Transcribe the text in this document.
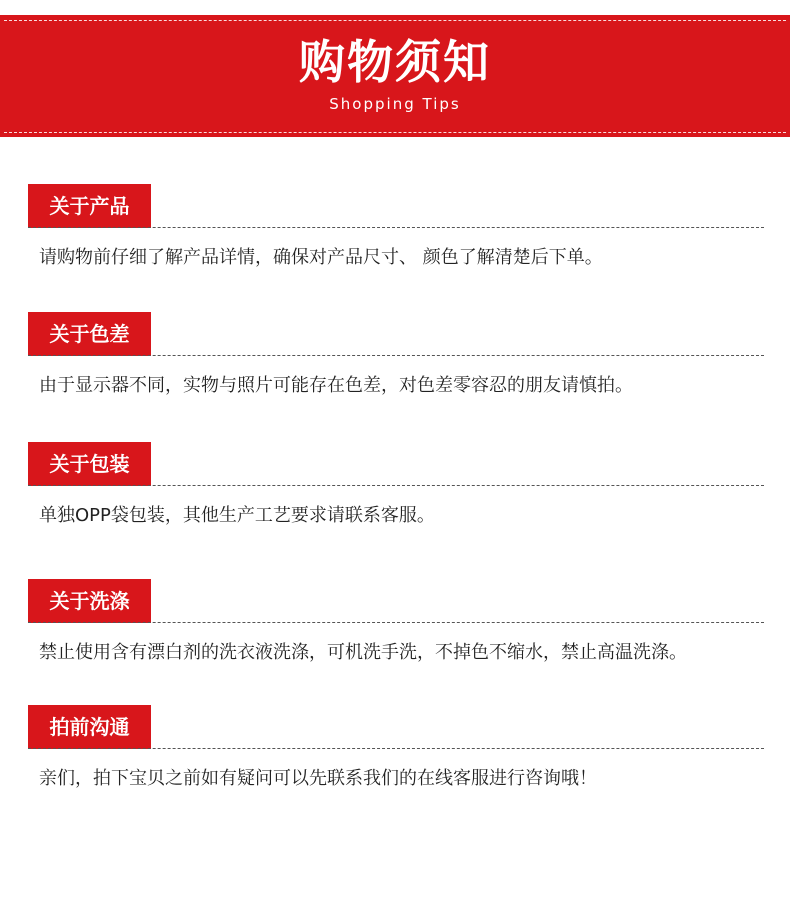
购物须知
Shopping Tips
关于产品
请购物前仔细了解产品详情，确保对产品尺寸、 颜色了解清楚后下单。
关于色差
由于显示器不同，实物与照片可能存在色差，对色差零容忍的朋友请慎拍。
关于包装
单独OPP袋包装，其他生产工艺要求请联系客服。
关于洗涤
禁止使用含有漂白剂的洗衣液洗涤，可机洗手洗，不掉色不缩水，禁止高温洗涤。
拍前沟通
亲们，拍下宝贝之前如有疑问可以先联系我们的在线客服进行咨询哦！
